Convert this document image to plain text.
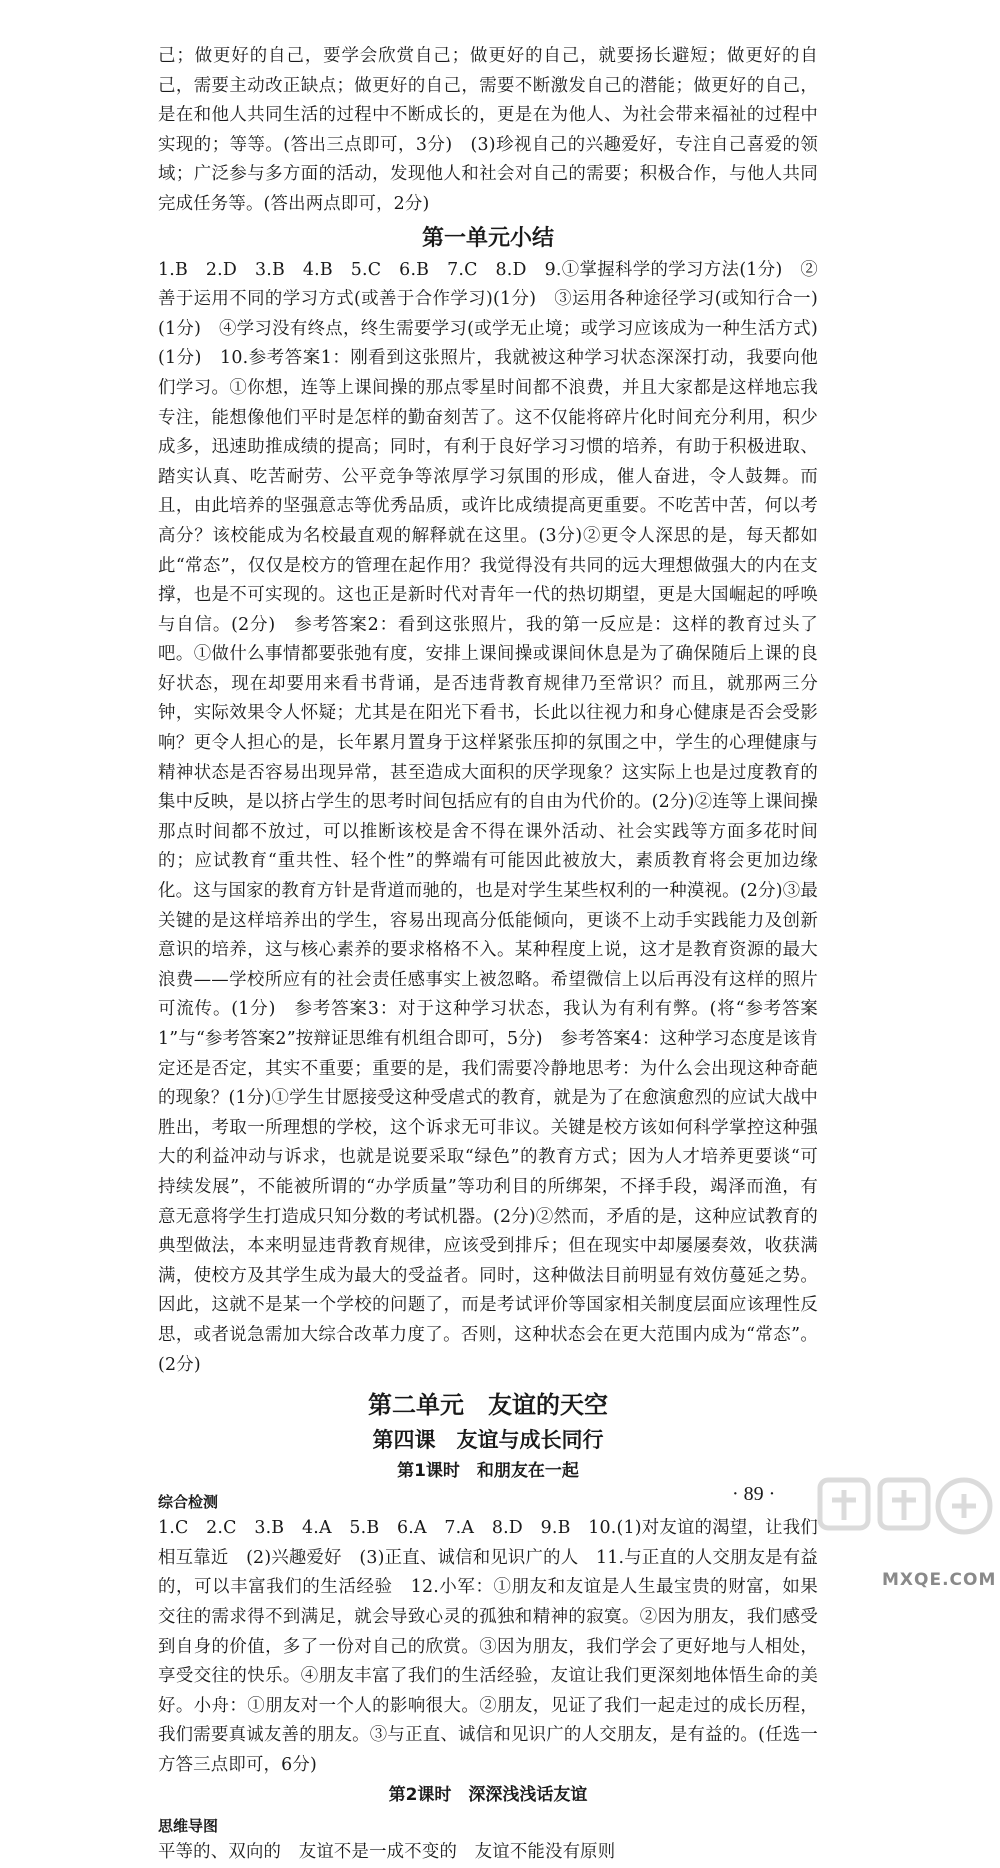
己；做更好的自己，要学会欣赏自己；做更好的自己，就要扬长避短；做更好的自己，需要主动改正缺点；做更好的自己，需要不断激发自己的潜能；做更好的自己，是在和他人共同生活的过程中不断成长的，更是在为他人、为社会带来福祉的过程中实现的；等等。(答出三点即可，3分)　(3)珍视自己的兴趣爱好，专注自己喜爱的领域；广泛参与多方面的活动，发现他人和社会对自己的需要；积极合作，与他人共同完成任务等。(答出两点即可，2分)

第一单元小结

1.B　2.D　3.B　4.B　5.C　6.B　7.C　8.D　9.①掌握科学的学习方法(1分)　②善于运用不同的学习方式(或善于合作学习)(1分)　③运用各种途径学习(或知行合一)(1分)　④学习没有终点，终生需要学习(或学无止境；或学习应该成为一种生活方式)(1分)　10.参考答案1：刚看到这张照片，我就被这种学习状态深深打动，我要向他们学习。①你想，连等上课间操的那点零星时间都不浪费，并且大家都是这样地忘我专注，能想像他们平时是怎样的勤奋刻苦了。这不仅能将碎片化时间充分利用，积少成多，迅速助推成绩的提高；同时，有利于良好学习习惯的培养，有助于积极进取、踏实认真、吃苦耐劳、公平竞争等浓厚学习氛围的形成，催人奋进，令人鼓舞。而且，由此培养的坚强意志等优秀品质，或许比成绩提高更重要。不吃苦中苦，何以考高分？该校能成为名校最直观的解释就在这里。(3分)②更令人深思的是，每天都如此“常态”，仅仅是校方的管理在起作用？我觉得没有共同的远大理想做强大的内在支撑，也是不可实现的。这也正是新时代对青年一代的热切期望，更是大国崛起的呼唤与自信。(2分)　参考答案2：看到这张照片，我的第一反应是：这样的教育过头了吧。①做什么事情都要张弛有度，安排上课间操或课间休息是为了确保随后上课的良好状态，现在却要用来看书背诵，是否违背教育规律乃至常识？而且，就那两三分钟，实际效果令人怀疑；尤其是在阳光下看书，长此以往视力和身心健康是否会受影响？更令人担心的是，长年累月置身于这样紧张压抑的氛围之中，学生的心理健康与精神状态是否容易出现异常，甚至造成大面积的厌学现象？这实际上也是过度教育的集中反映，是以挤占学生的思考时间包括应有的自由为代价的。(2分)②连等上课间操那点时间都不放过，可以推断该校是舍不得在课外活动、社会实践等方面多花时间的；应试教育“重共性、轻个性”的弊端有可能因此被放大，素质教育将会更加边缘化。这与国家的教育方针是背道而驰的，也是对学生某些权利的一种漠视。(2分)③最关键的是这样培养出的学生，容易出现高分低能倾向，更谈不上动手实践能力及创新意识的培养，这与核心素养的要求格格不入。某种程度上说，这才是教育资源的最大浪费——学校所应有的社会责任感事实上被忽略。希望微信上以后再没有这样的照片可流传。(1分)　参考答案3：对于这种学习状态，我认为有利有弊。(将“参考答案1”与“参考答案2”按辩证思维有机组合即可，5分)　参考答案4：这种学习态度是该肯定还是否定，其实不重要；重要的是，我们需要冷静地思考：为什么会出现这种奇葩的现象？(1分)①学生甘愿接受这种受虐式的教育，就是为了在愈演愈烈的应试大战中胜出，考取一所理想的学校，这个诉求无可非议。关键是校方该如何科学掌控这种强大的利益冲动与诉求，也就是说要采取“绿色”的教育方式；因为人才培养更要谈“可持续发展”，不能被所谓的“办学质量”等功利目的所绑架，不择手段，竭泽而渔，有意无意将学生打造成只知分数的考试机器。(2分)②然而，矛盾的是，这种应试教育的典型做法，本来明显违背教育规律，应该受到排斥；但在现实中却屡屡奏效，收获满满，使校方及其学生成为最大的受益者。同时，这种做法目前明显有效仿蔓延之势。因此，这就不是某一个学校的问题了，而是考试评价等国家相关制度层面应该理性反思，或者说急需加大综合改革力度了。否则，这种状态会在更大范围内成为“常态”。(2分)

第二单元　友谊的天空
第四课　友谊与成长同行
第1课时　和朋友在一起
综合检测

1.C　2.C　3.B　4.A　5.B　6.A　7.A　8.D　9.B　10.(1)对友谊的渴望，让我们相互靠近　(2)兴趣爱好　(3)正直、诚信和见识广的人　11.与正直的人交朋友是有益的，可以丰富我们的生活经验　12.小军：①朋友和友谊是人生最宝贵的财富，如果交往的需求得不到满足，就会导致心灵的孤独和精神的寂寞。②因为朋友，我们感受到自身的价值，多了一份对自己的欣赏。③因为朋友，我们学会了更好地与人相处，享受交往的快乐。④朋友丰富了我们的生活经验，友谊让我们更深刻地体悟生命的美好。小舟：①朋友对一个人的影响很大。②朋友，见证了我们一起走过的成长历程，我们需要真诚友善的朋友。③与正直、诚信和见识广的人交朋友，是有益的。(任选一方答三点即可，6分)

第2课时　深深浅浅话友谊
思维导图

平等的、双向的　友谊不是一成不变的　友谊不能没有原则

· 89 ·
MXQE.COM
